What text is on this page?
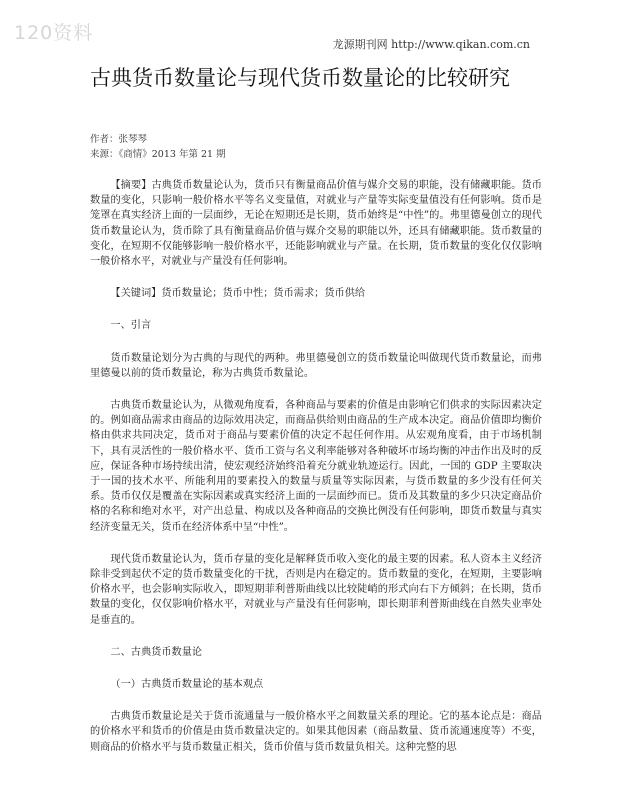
120资料
龙源期刊网 http://www.qikan.com.cn
古典货币数量论与现代货币数量论的比较研究
作者：张琴琴
来源：《商情》2013 年第 21 期

【摘要】古典货币数量论认为，货币只有衡量商品价值与媒介交易的职能，没有储藏职能。货币数量的变化，只影响一般价格水平等名义变量值，对就业与产量等实际变量值没有任何影响。货币是笼罩在真实经济上面的一层面纱，无论在短期还是长期，货币始终是“中性”的。弗里德曼创立的现代货币数量论认为，货币除了具有衡量商品价值与媒介交易的职能以外，还具有储藏职能。货币数量的变化，在短期不仅能够影响一般价格水平，还能影响就业与产量。在长期，货币数量的变化仅仅影响一般价格水平，对就业与产量没有任何影响。

【关键词】货币数量论；货币中性；货币需求；货币供给

一、引言

货币数量论划分为古典的与现代的两种。弗里德曼创立的货币数量论叫做现代货币数量论，而弗里德曼以前的货币数量论，称为古典货币数量论。

古典货币数量论认为，从微观角度看，各种商品与要素的价值是由影响它们供求的实际因素决定的。例如商品需求由商品的边际效用决定，而商品供给则由商品的生产成本决定。商品价值即均衡价格由供求共同决定，货币对于商品与要素价值的决定不起任何作用。从宏观角度看，由于市场机制下，具有灵活性的一般价格水平、货币工资与名义利率能够对各种破坏市场均衡的冲击作出及时的反应，保证各种市场持续出清，使宏观经济始终沿着充分就业轨迹运行。因此，一国的 GDP 主要取决于一国的技术水平、所能利用的要素投入的数量与质量等实际因素，与货币数量的多少没有任何关系。货币仅仅是覆盖在实际因素或真实经济上面的一层面纱而已。货币及其数量的多少只决定商品价格的名称和绝对水平，对产出总量、构成以及各种商品的交换比例没有任何影响，即货币数量与真实经济变量无关，货币在经济体系中呈“中性”。

现代货币数量论认为，货币存量的变化是解释货币收入变化的最主要的因素。私人资本主义经济除非受到起伏不定的货币数量变化的干扰，否则是内在稳定的。货币数量的变化，在短期，主要影响价格水平，也会影响实际收入，即短期菲利普斯曲线以比较陡峭的形式向右下方倾斜；在长期，货币数量的变化，仅仅影响价格水平，对就业与产量没有任何影响，即长期菲利普斯曲线在自然失业率处是垂直的。

二、古典货币数量论

（一）古典货币数量论的基本观点

古典货币数量论是关于货币流通量与一般价格水平之间数量关系的理论。它的基本论点是：商品的价格水平和货币的价值是由货币数量决定的。如果其他因素（商品数量、货币流通速度等）不变，则商品的价格水平与货币数量正相关，货币价值与货币数量负相关。这种完整的思
